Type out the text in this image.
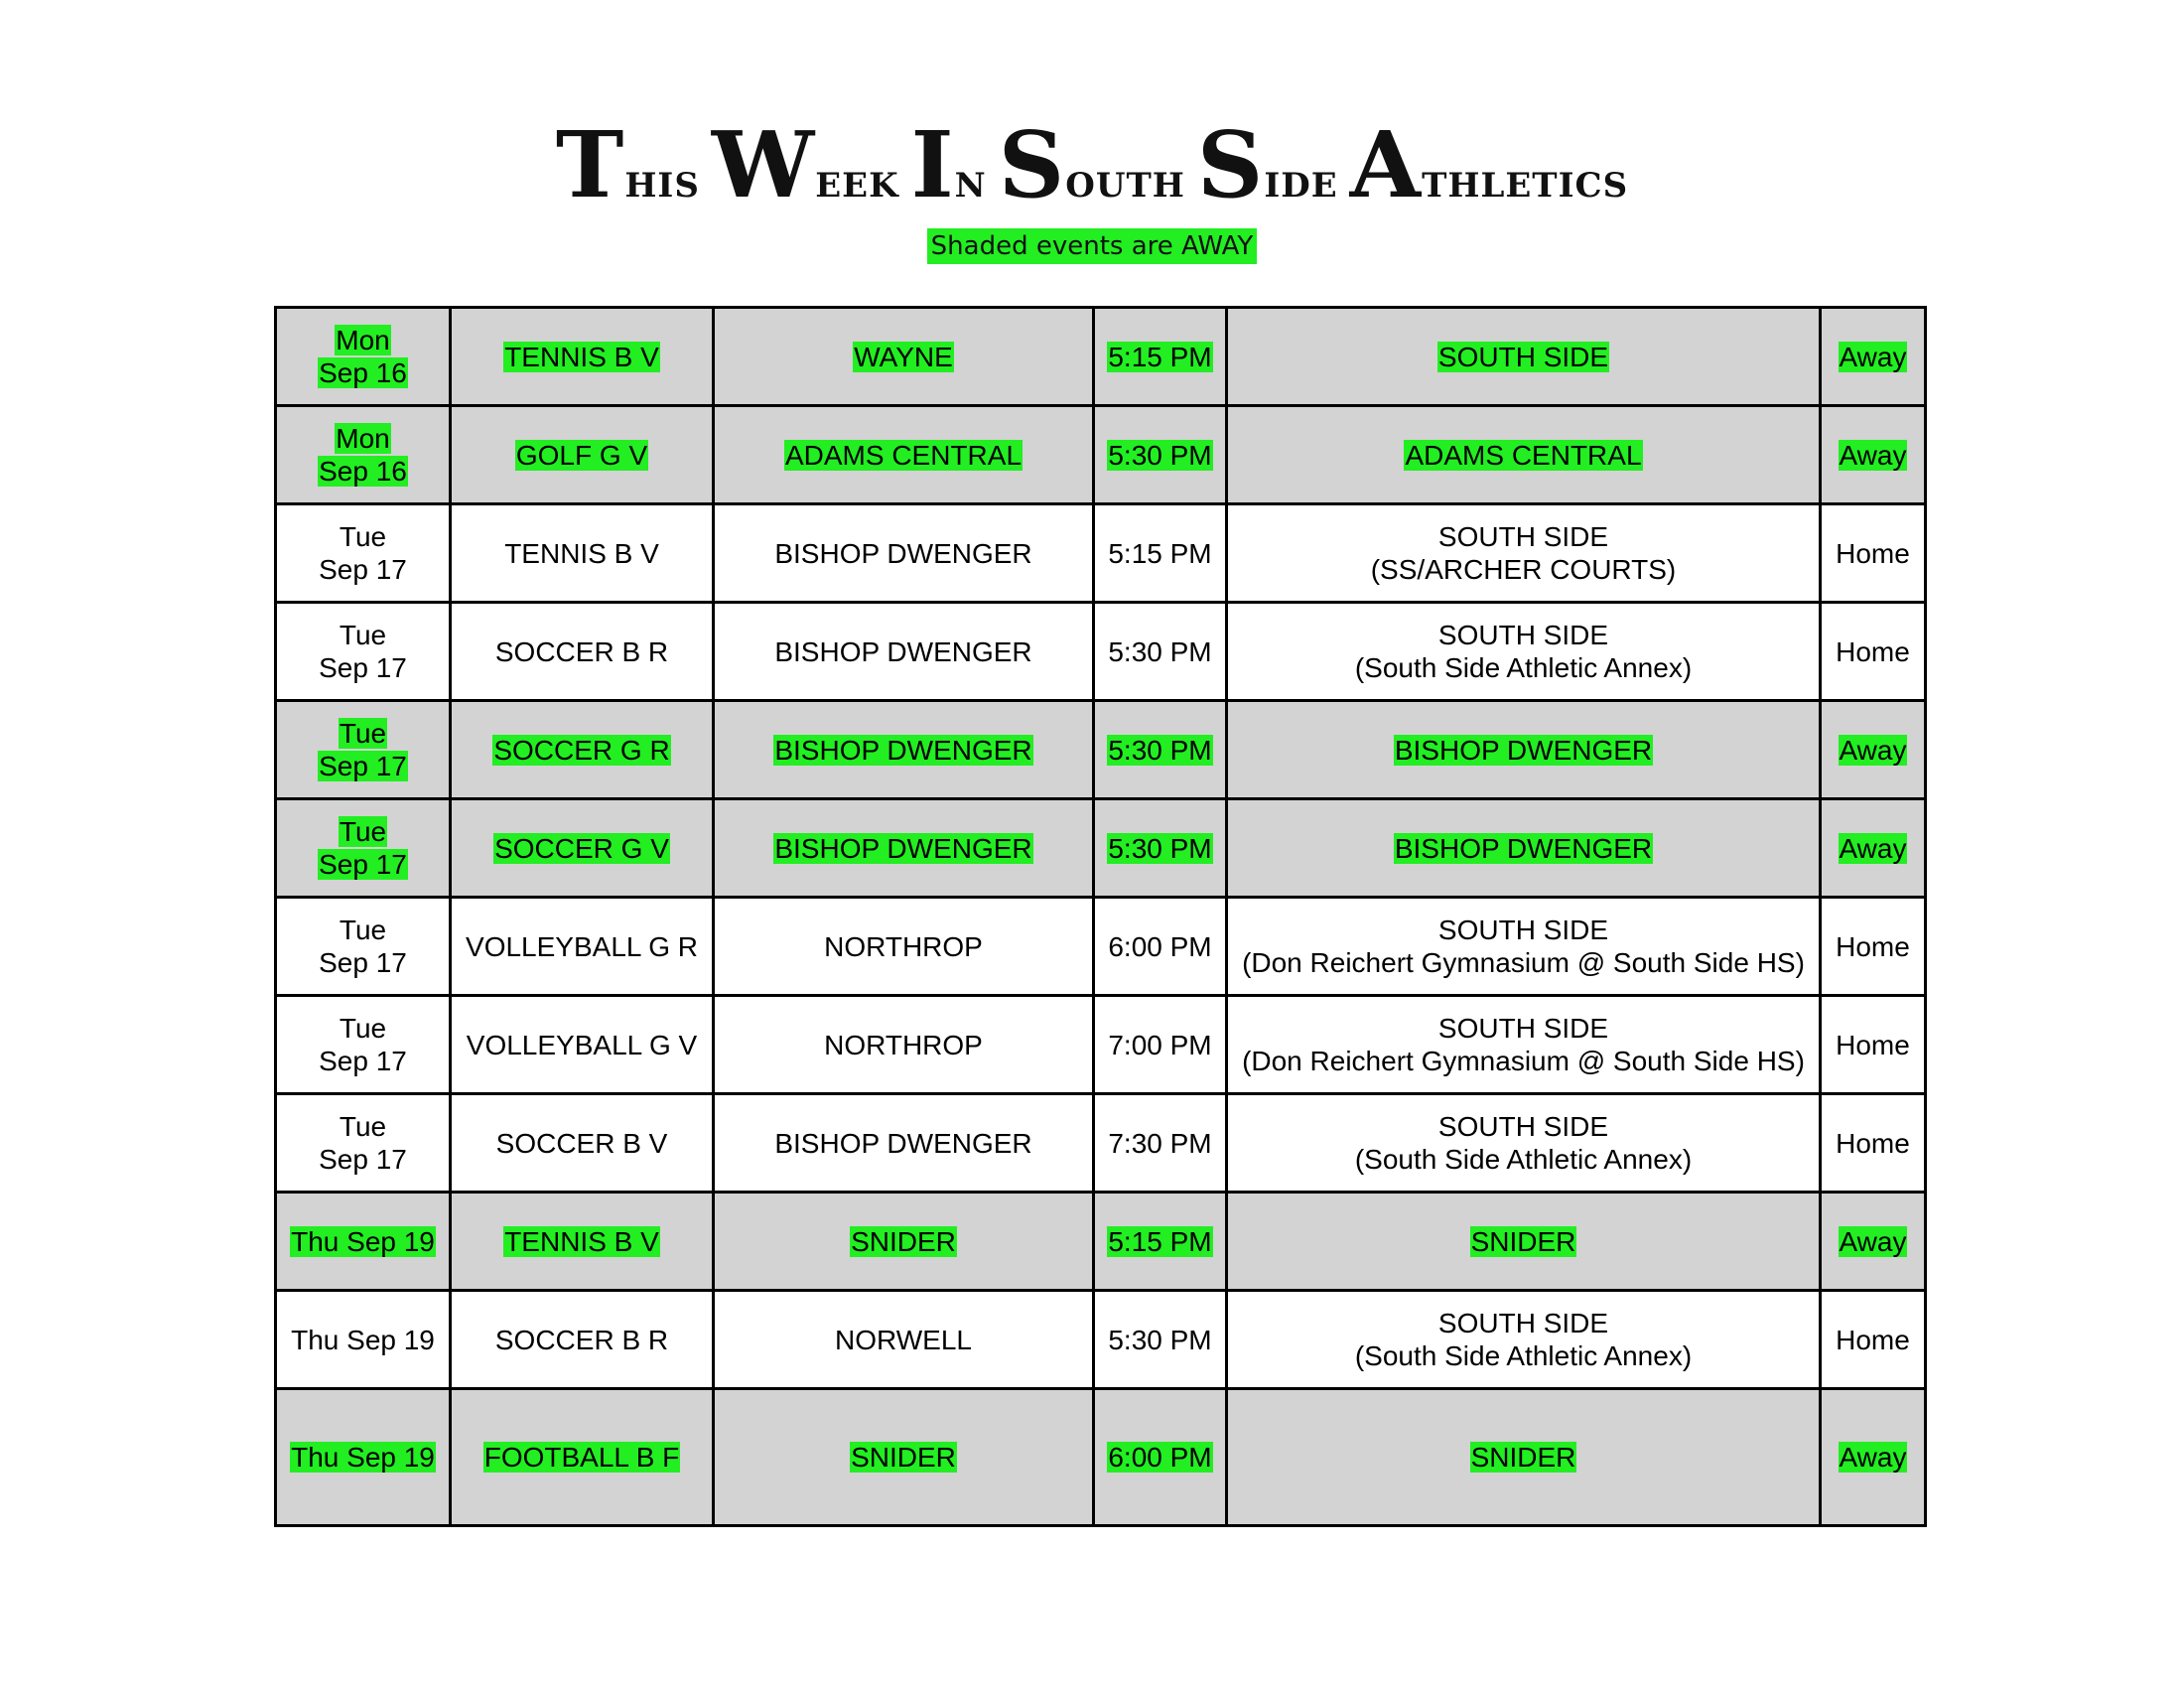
THIS WEEK IN SOUTH SIDE ATHLETICS
Shaded events are AWAY
Mon
Sep 16	TENNIS B V	WAYNE	5:15 PM	SOUTH SIDE	Away

Mon
Sep 16	GOLF G V	ADAMS CENTRAL	5:30 PM	ADAMS CENTRAL	Away

Tue
Sep 17	TENNIS B V	BISHOP DWENGER	5:15 PM	SOUTH SIDE
(SS/ARCHER COURTS)	Home

Tue
Sep 17	SOCCER B R	BISHOP DWENGER	5:30 PM	SOUTH SIDE
(South Side Athletic Annex)	Home

Tue
Sep 17	SOCCER G R	BISHOP DWENGER	5:30 PM	BISHOP DWENGER	Away

Tue
Sep 17	SOCCER G V	BISHOP DWENGER	5:30 PM	BISHOP DWENGER	Away

Tue
Sep 17	VOLLEYBALL G R	NORTHROP	6:00 PM	SOUTH SIDE
(Don Reichert Gymnasium @ South Side HS)	Home

Tue
Sep 17	VOLLEYBALL G V	NORTHROP	7:00 PM	SOUTH SIDE
(Don Reichert Gymnasium @ South Side HS)	Home

Tue
Sep 17	SOCCER B V	BISHOP DWENGER	7:30 PM	SOUTH SIDE
(South Side Athletic Annex)	Home

Thu Sep 19	TENNIS B V	SNIDER	5:15 PM	SNIDER	Away

Thu Sep 19	SOCCER B R	NORWELL	5:30 PM	SOUTH SIDE
(South Side Athletic Annex)	Home

Thu Sep 19	FOOTBALL B F	SNIDER	6:00 PM	SNIDER	Away
